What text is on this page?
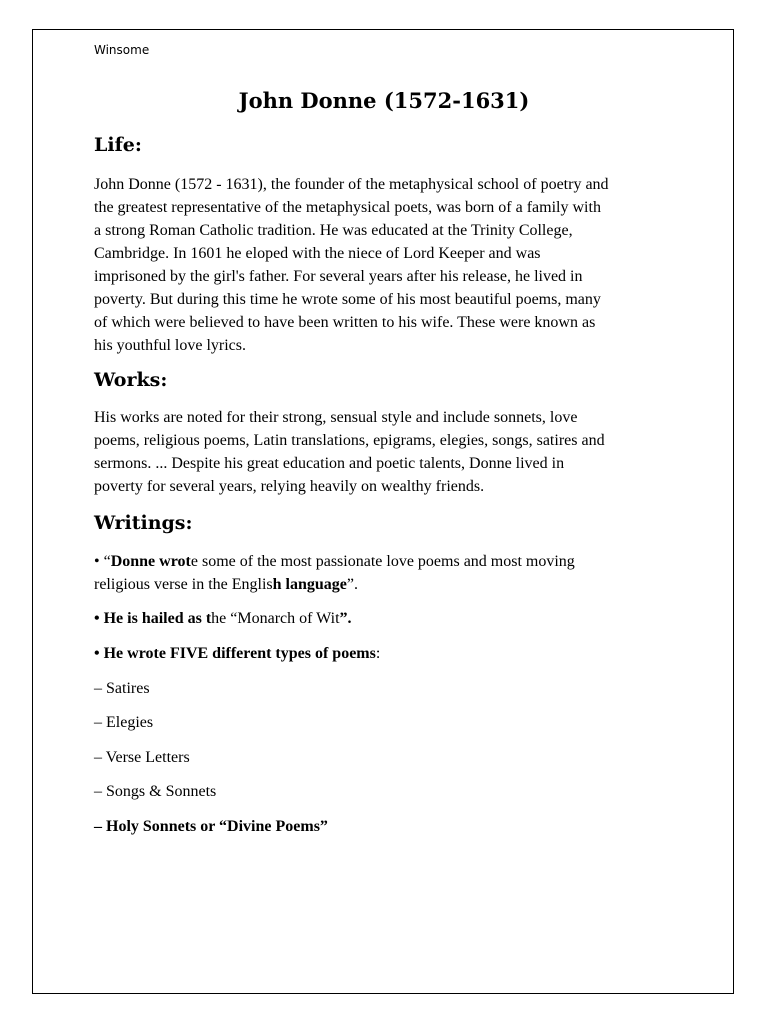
Winsome
John Donne (1572-1631)
Life:
John Donne (1572 - 1631), the founder of the metaphysical school of poetry and
the greatest representative of the metaphysical poets, was born of a family with
a strong Roman Catholic tradition. He was educated at the Trinity College,
Cambridge. In 1601 he eloped with the niece of Lord Keeper and was
imprisoned by the girl's father. For several years after his release, he lived in
poverty. But during this time he wrote some of his most beautiful poems, many
of which were believed to have been written to his wife. These were known as
his youthful love lyrics.
Works:
His works are noted for their strong, sensual style and include sonnets, love
poems, religious poems, Latin translations, epigrams, elegies, songs, satires and
sermons. ... Despite his great education and poetic talents, Donne lived in
poverty for several years, relying heavily on wealthy friends.
Writings:
• “Donne wrote some of the most passionate love poems and most moving
religious verse in the English language”.
• He is hailed as the “Monarch of Wit”.
• He wrote FIVE different types of poems:
– Satires
– Elegies
– Verse Letters
– Songs & Sonnets
– Holy Sonnets or “Divine Poems”
